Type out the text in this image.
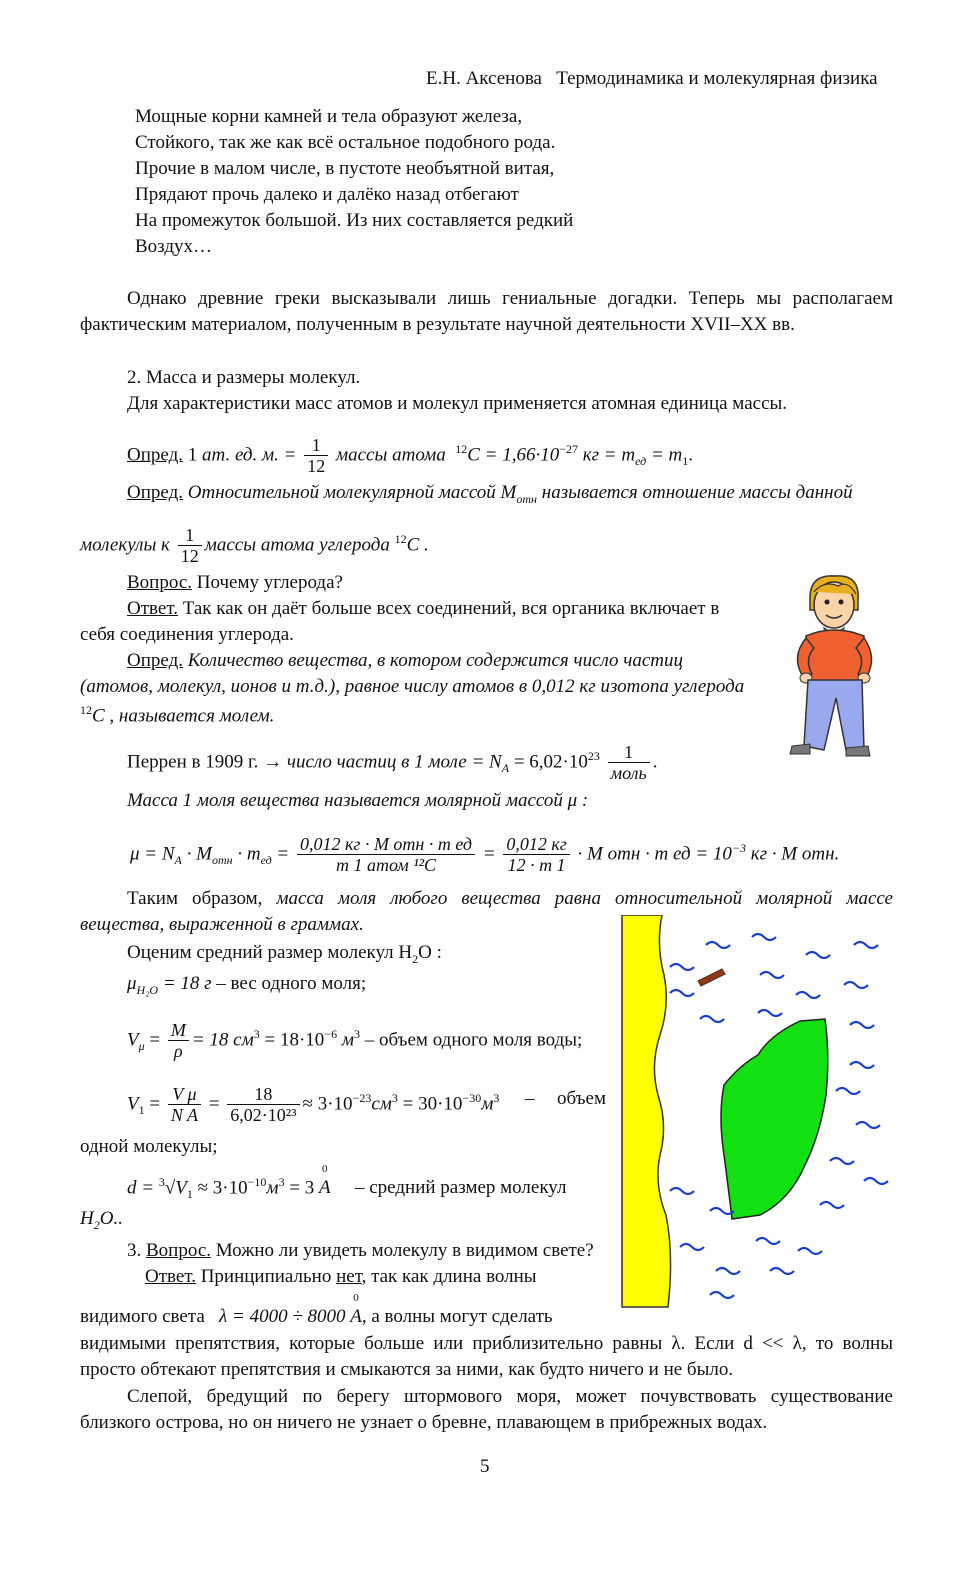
Е.Н. Аксенова Термодинамика и молекулярная физика
Мощные корни камней и тела образуют железа,
Стойкого, так же как всё остальное подобного рода.
Прочие в малом числе, в пустоте необъятной витая,
Прядают прочь далеко и далёко назад отбегают
На промежуток большой. Из них составляется редкий
Воздух…
Однако древние греки высказывали лишь гениальные догадки. Теперь мы располагаем
фактическим материалом, полученным в результате научной деятельности XVII–XX вв.
2. Масса и размеры молекул.
Для характеристики масс атомов и молекул применяется атомная единица массы.
Опред. 1 ат. ед. м. = $\frac{1}{12}$ массы атома $^{12}C = 1,66\cdot 10^{-27}$ кг = $m_{ед} = m_1$.
Опред. Относительной молекулярной массой $M_{отн}$ называется отношение массы данной
молекулы к $\frac{1}{12}$ массы атома углерода $^{12}$C .
Вопрос. Почему углерода?
Ответ. Так как он даёт больше всех соединений, вся органика включает в
себя соединения углерода.
Опред. Количество вещества, в котором содержится число частиц
(атомов, молекул, ионов и т.д.), равное числу атомов в 0,012 кг изотопа углерода
$^{12}$C , называется молем.
Перрен в 1909 г. → число частиц в 1 моле = $N_A = 6,02\cdot 10^{23} \frac{1}{\text{моль}}$ .
Масса 1 моля вещества называется молярной массой μ :
$\mu = N_A \cdot M_{отн} \cdot m_{ед} = \frac{\text{0,012 кг · M отн · m ед}}{\text{m 1 атом ¹²C}} = \frac{0,012 кг}{12 \cdot m 1} \cdot M$ отн · m ед = $10^{-3}$ кг · M отн.
Таким образом, масса моля любого вещества равна относительной молярной массе
вещества, выраженной в граммах.
Оценим средний размер молекул $H_2O$ :
$\mu_{H_2O} = 18$ г – вес одного моля;
$V_\mu = \frac{M}{\rho} = 18$ $см^3 = 18\cdot 10^{-6}$ $м^3$ – объем одного моля воды;
$V_1 = \frac{\text{V μ}}{\text{N A}} = \frac{18}{\text{6,02·10²³}} \approx 3\cdot 10^{-23}см^3 = 30\cdot 10^{-30}м^3$ – объем
одной молекулы;
$d = ^3√V_1 \approx 3\cdot 10^{-10}м^3 = 3$
0
A – средний размер молекул
$H_2O$..
3. Вопрос. Можно ли увидеть молекулу в видимом свете?
Ответ. Принципиально нет, так как длина волны
видимого света λ = 4000 ÷ 8000
0
A, а волны могут сделать
видимыми препятствия, которые больше или приблизительно равны λ. Если d << λ, то волны
просто обтекают препятствия и смыкаются за ними, как будто ничего и не было.
Слепой, бредущий по берегу штормового моря, может почувствовать существование
близкого острова, но он ничего не узнает о бревне, плавающем в прибрежных водах.
5
